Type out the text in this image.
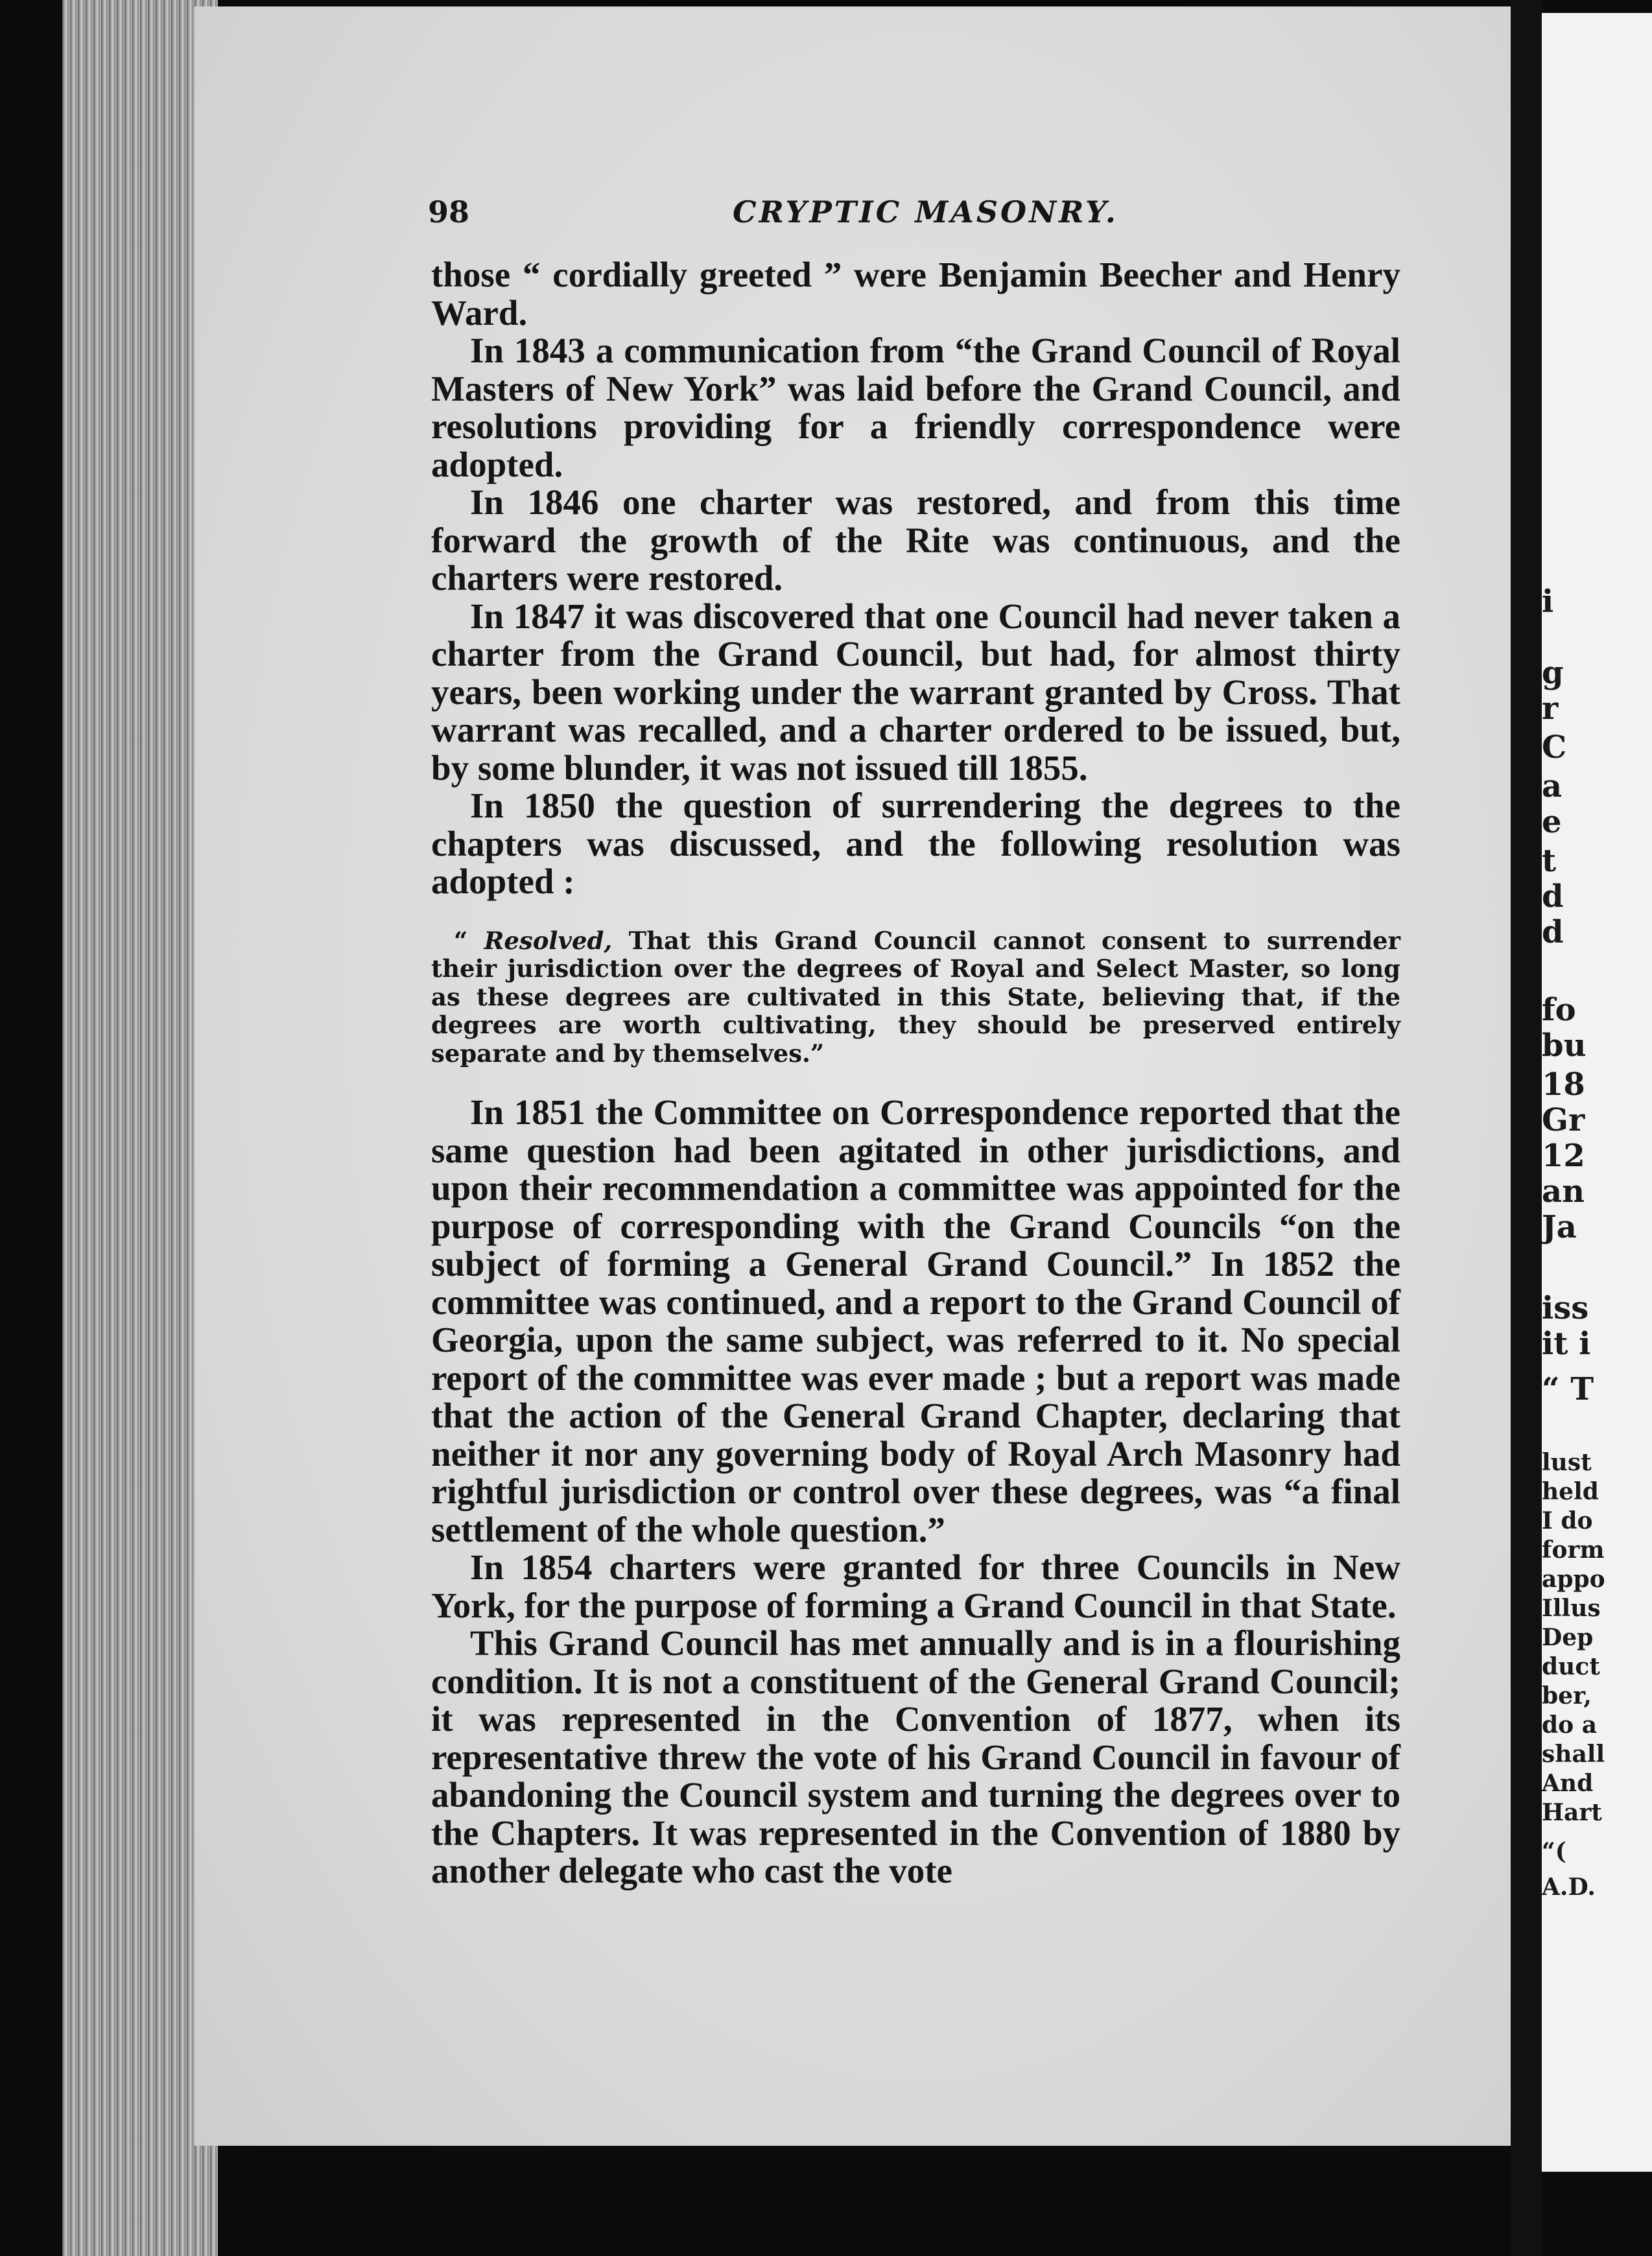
98	CRYPTIC MASONRY.

those “ cordially greeted ” were Benjamin Beecher and Henry Ward.

In 1843 a communication from “the Grand Council of Royal Masters of New York” was laid before the Grand Council, and resolutions providing for a friendly correspondence were adopted.

In 1846 one charter was restored, and from this time forward the growth of the Rite was continuous, and the charters were restored.

In 1847 it was discovered that one Council had never taken a charter from the Grand Council, but had, for almost thirty years, been working under the warrant granted by Cross. That warrant was recalled, and a charter ordered to be issued, but, by some blunder, it was not issued till 1855.

In 1850 the question of surrendering the degrees to the chapters was discussed, and the following resolution was adopted :

“ Resolved, That this Grand Council cannot consent to surrender their jurisdiction over the degrees of Royal and Select Master, so long as these degrees are cultivated in this State, believing that, if the degrees are worth cultivating, they should be preserved entirely separate and by themselves.”

In 1851 the Committee on Correspondence reported that the same question had been agitated in other jurisdictions, and upon their recommendation a committee was appointed for the purpose of corresponding with the Grand Councils “on the subject of forming a General Grand Council.” In 1852 the committee was continued, and a report to the Grand Council of Georgia, upon the same subject, was referred to it. No special report of the committee was ever made ; but a report was made that the action of the General Grand Chapter, declaring that neither it nor any governing body of Royal Arch Masonry had rightful jurisdiction or control over these degrees, was “a final settlement of the whole question.”

In 1854 charters were granted for three Councils in New York, for the purpose of forming a Grand Council in that State.

This Grand Council has met annually and is in a flourishing condition. It is not a constituent of the General Grand Council; it was represented in the Convention of 1877, when its representative threw the vote of his Grand Council in favour of abandoning the Council system and turning the degrees over to the Chapters. It was represented in the Convention of 1880 by another delegate who cast the vote

i
g
r
C
a
e
t
d
d
fo
bu
18
Gr
12
an
Ja
iss
it i
“ T
lust
held
I do
form
appo
Illus
Dep
duct
ber,
do a
shall
And
Hart
“(
A.D.
